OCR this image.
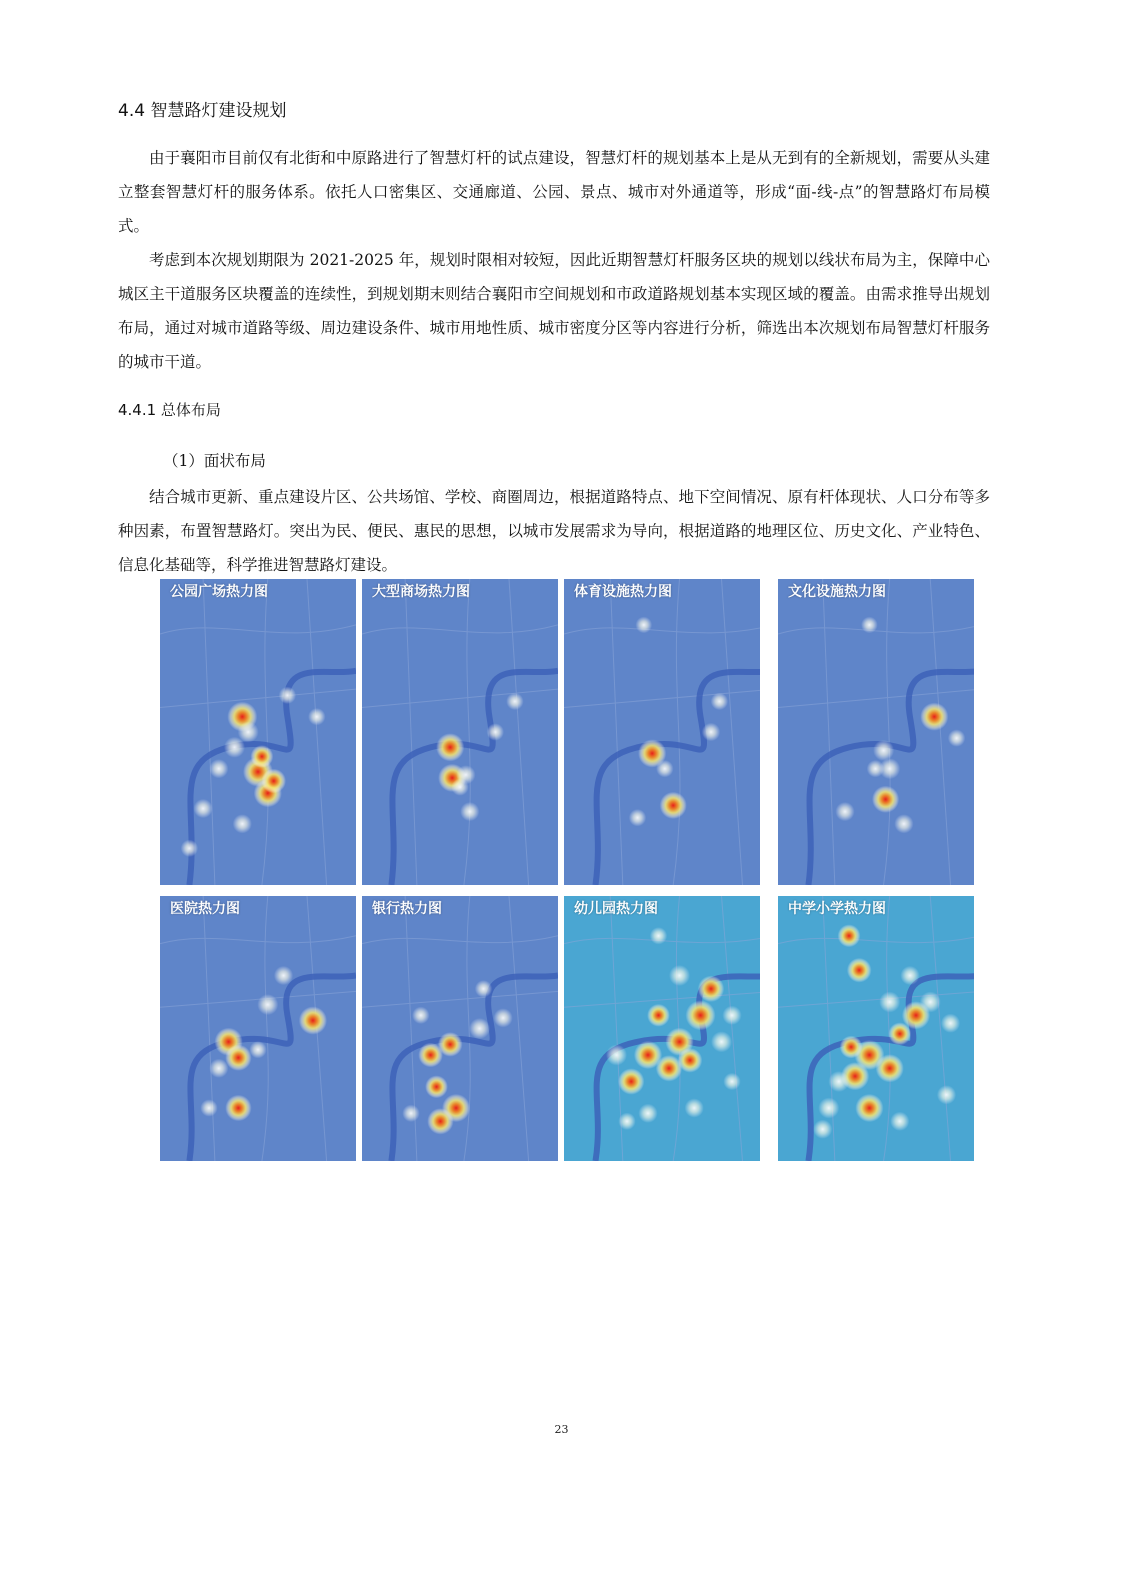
4.4 智慧路灯建设规划

由于襄阳市目前仅有北街和中原路进行了智慧灯杆的试点建设，智慧灯杆的规划基本上是从无到有的全新规划，需要从头建立整套智慧灯杆的服务体系。依托人口密集区、交通廊道、公园、景点、城市对外通道等，形成“面-线-点”的智慧路灯布局模式。

考虑到本次规划期限为 2021-2025 年，规划时限相对较短，因此近期智慧灯杆服务区块的规划以线状布局为主，保障中心城区主干道服务区块覆盖的连续性，到规划期末则结合襄阳市空间规划和市政道路规划基本实现区域的覆盖。由需求推导出规划布局，通过对城市道路等级、周边建设条件、城市用地性质、城市密度分区等内容进行分析，筛选出本次规划布局智慧灯杆服务的城市干道。

4.4.1 总体布局

（1）面状布局

结合城市更新、重点建设片区、公共场馆、学校、商圈周边，根据道路特点、地下空间情况、原有杆体现状、人口分布等多种因素，布置智慧路灯。突出为民、便民、惠民的思想，以城市发展需求为导向，根据道路的地理区位、历史文化、产业特色、信息化基础等，科学推进智慧路灯建设。

公园广场热力图	大型商场热力图	体育设施热力图	文化设施热力图
医院热力图	银行热力图	幼儿园热力图	中学小学热力图
23
